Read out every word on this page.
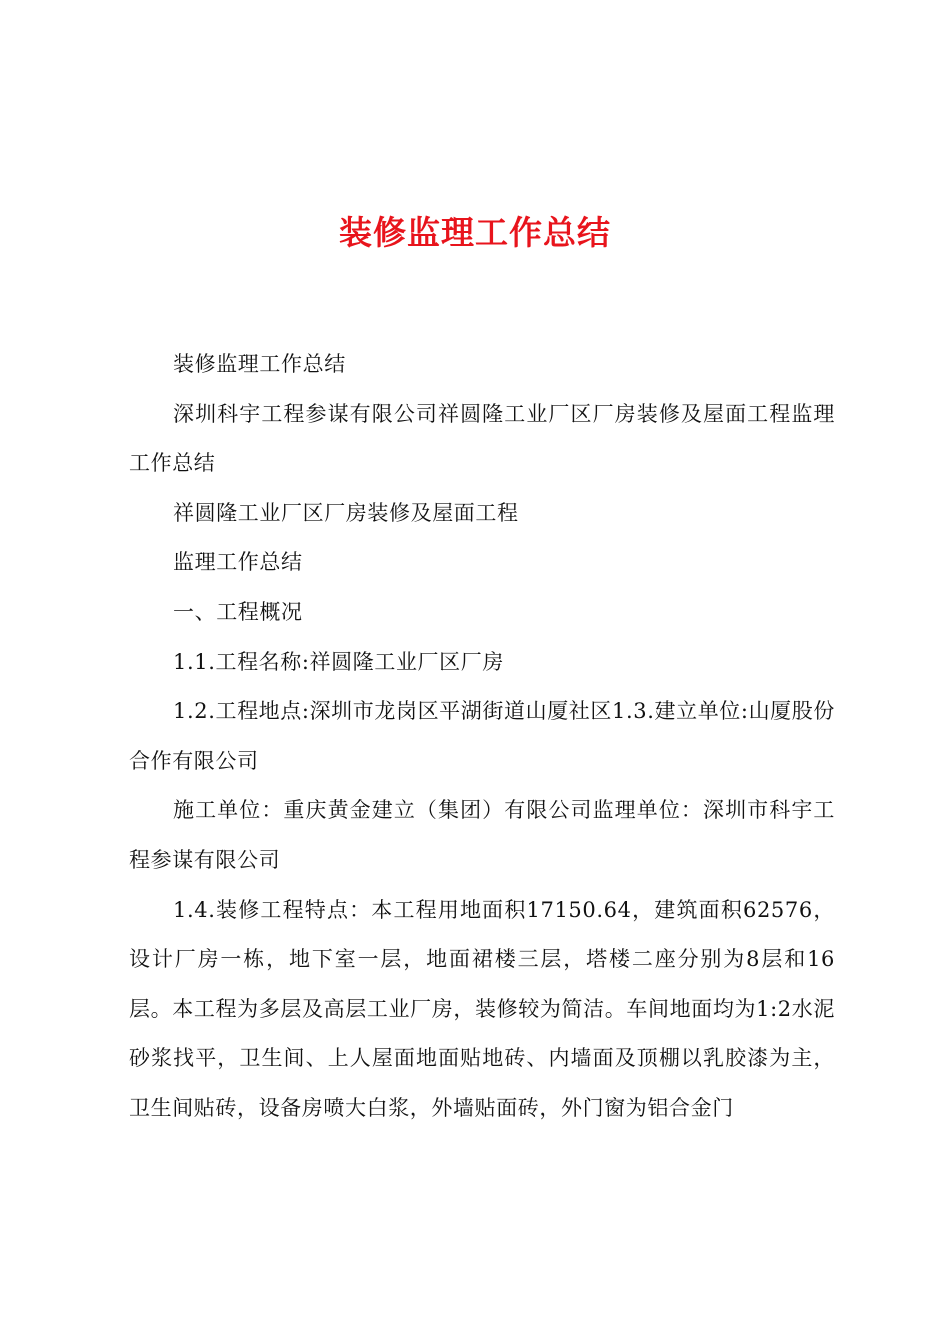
装修监理工作总结

装修监理工作总结

深圳科宇工程参谋有限公司祥圆隆工业厂区厂房装修及屋面工程监理工作总结

祥圆隆工业厂区厂房装修及屋面工程

监理工作总结

一、工程概况

1.1.工程名称:祥圆隆工业厂区厂房

1.2.工程地点:深圳市龙岗区平湖街道山厦社区1.3.建立单位:山厦股份合作有限公司

施工单位：重庆黄金建立（集团）有限公司监理单位：深圳市科宇工程参谋有限公司

1.4.装修工程特点：本工程用地面积17150.64，建筑面积62576，设计厂房一栋，地下室一层，地面裙楼三层，塔楼二座分别为8层和16层。本工程为多层及高层工业厂房，装修较为简洁。车间地面均为1:2水泥砂浆找平，卫生间、上人屋面地面贴地砖、内墙面及顶棚以乳胶漆为主，卫生间贴砖，设备房喷大白浆，外墙贴面砖，外门窗为铝合金门
